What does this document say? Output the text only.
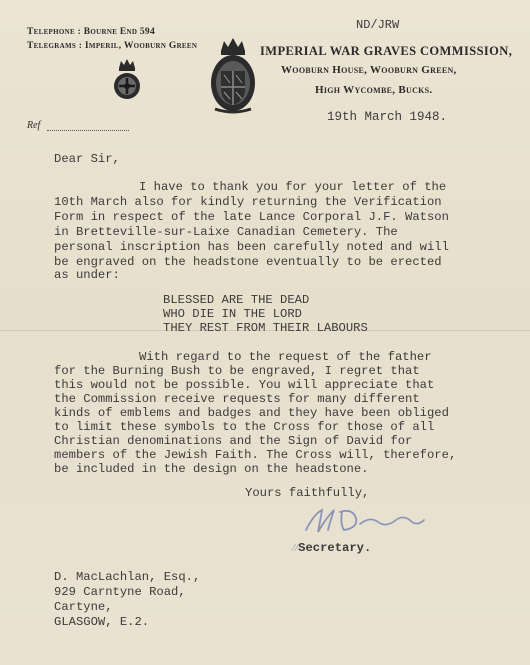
Telephone : Bourne End 594
Telegrams : Imperil, Wooburn Green
ND/JRW
IMPERIAL WAR GRAVES COMMISSION,
Wooburn House, Wooburn Green,
High Wycombe, Bucks.
19th March 1948.
Ref
Dear Sir,
I have to thank you for your letter of the
10th March also for kindly returning the Verification
Form in respect of the late Lance Corporal J.F. Watson
in Bretteville-sur-Laixe Canadian Cemetery. The
personal inscription has been carefully noted and will
be engraved on the headstone eventually to be erected
as under:
BLESSED ARE THE DEAD
WHO DIE IN THE LORD
THEY REST FROM THEIR LABOURS
With regard to the request of the father
for the Burning Bush to be engraved, I regret that
this would not be possible. You will appreciate that
the Commission receive requests for many different
kinds of emblems and badges and they have been obliged
to limit these symbols to the Cross for those of all
Christian denominations and the Sign of David for
members of the Jewish Faith. The Cross will, therefore,
be included in the design on the headstone.
Yours faithfully,
//Secretary.
D. MacLachlan, Esq.,
929 Carntyne Road,
Cartyne,
GLASGOW, E.2.
